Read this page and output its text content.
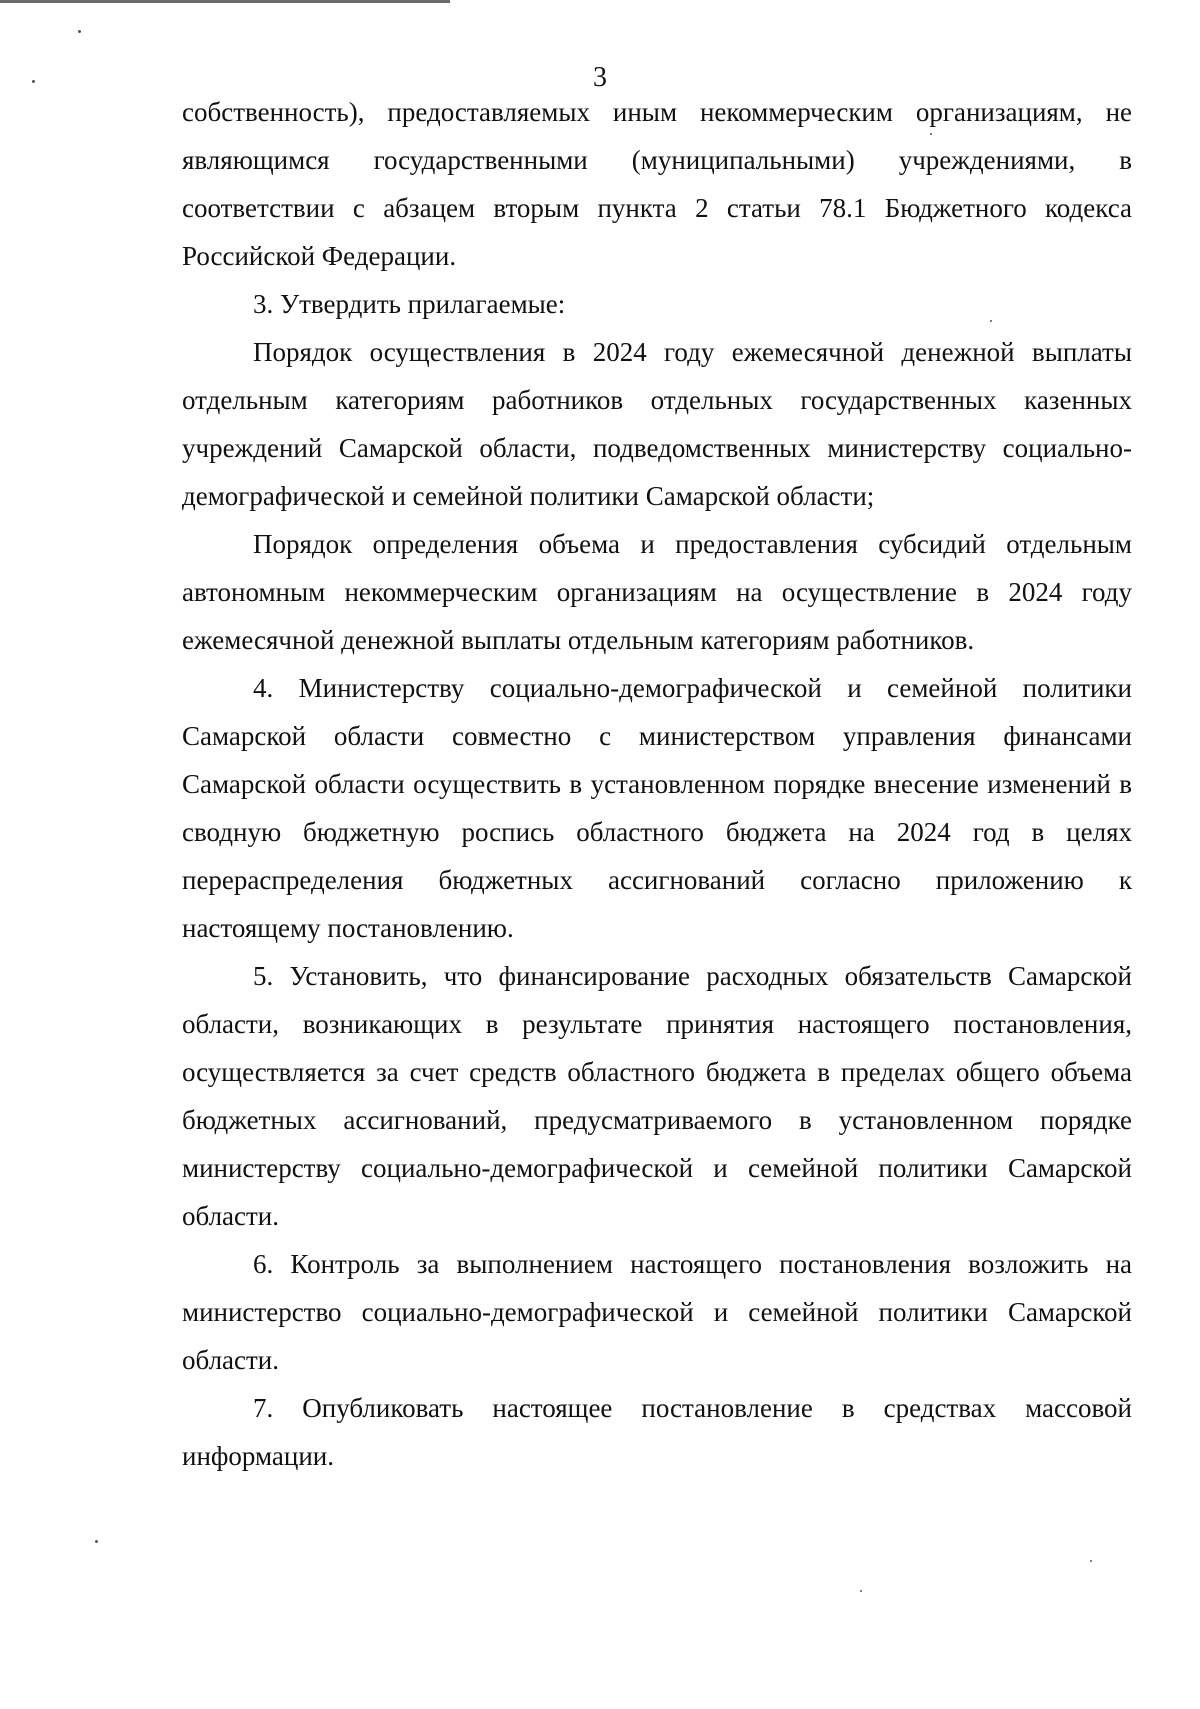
3

собственность), предоставляемых иным некоммерческим организациям, не являющимся государственными (муниципальными) учреждениями, в соответствии с абзацем вторым пункта 2 статьи 78.1 Бюджетного кодекса Российской Федерации.

3. Утвердить прилагаемые:

Порядок осуществления в 2024 году ежемесячной денежной выплаты отдельным категориям работников отдельных государственных казенных учреждений Самарской области, подведомственных министерству социально-демографической и семейной политики Самарской области;

Порядок определения объема и предоставления субсидий отдельным автономным некоммерческим организациям на осуществление в 2024 году ежемесячной денежной выплаты отдельным категориям работников.

4. Министерству социально-демографической и семейной политики Самарской области совместно с министерством управления финансами Самарской области осуществить в установленном порядке внесение изменений в сводную бюджетную роспись областного бюджета на 2024 год в целях перераспределения бюджетных ассигнований согласно приложению к настоящему постановлению.

5. Установить, что финансирование расходных обязательств Самарской области, возникающих в результате принятия настоящего постановления, осуществляется за счет средств областного бюджета в пределах общего объема бюджетных ассигнований, предусматриваемого в установленном порядке министерству социально-демографической и семейной политики Самарской области.

6. Контроль за выполнением настоящего постановления возложить на министерство социально-демографической и семейной политики Самарской области.

7. Опубликовать настоящее постановление в средствах массовой информации.
